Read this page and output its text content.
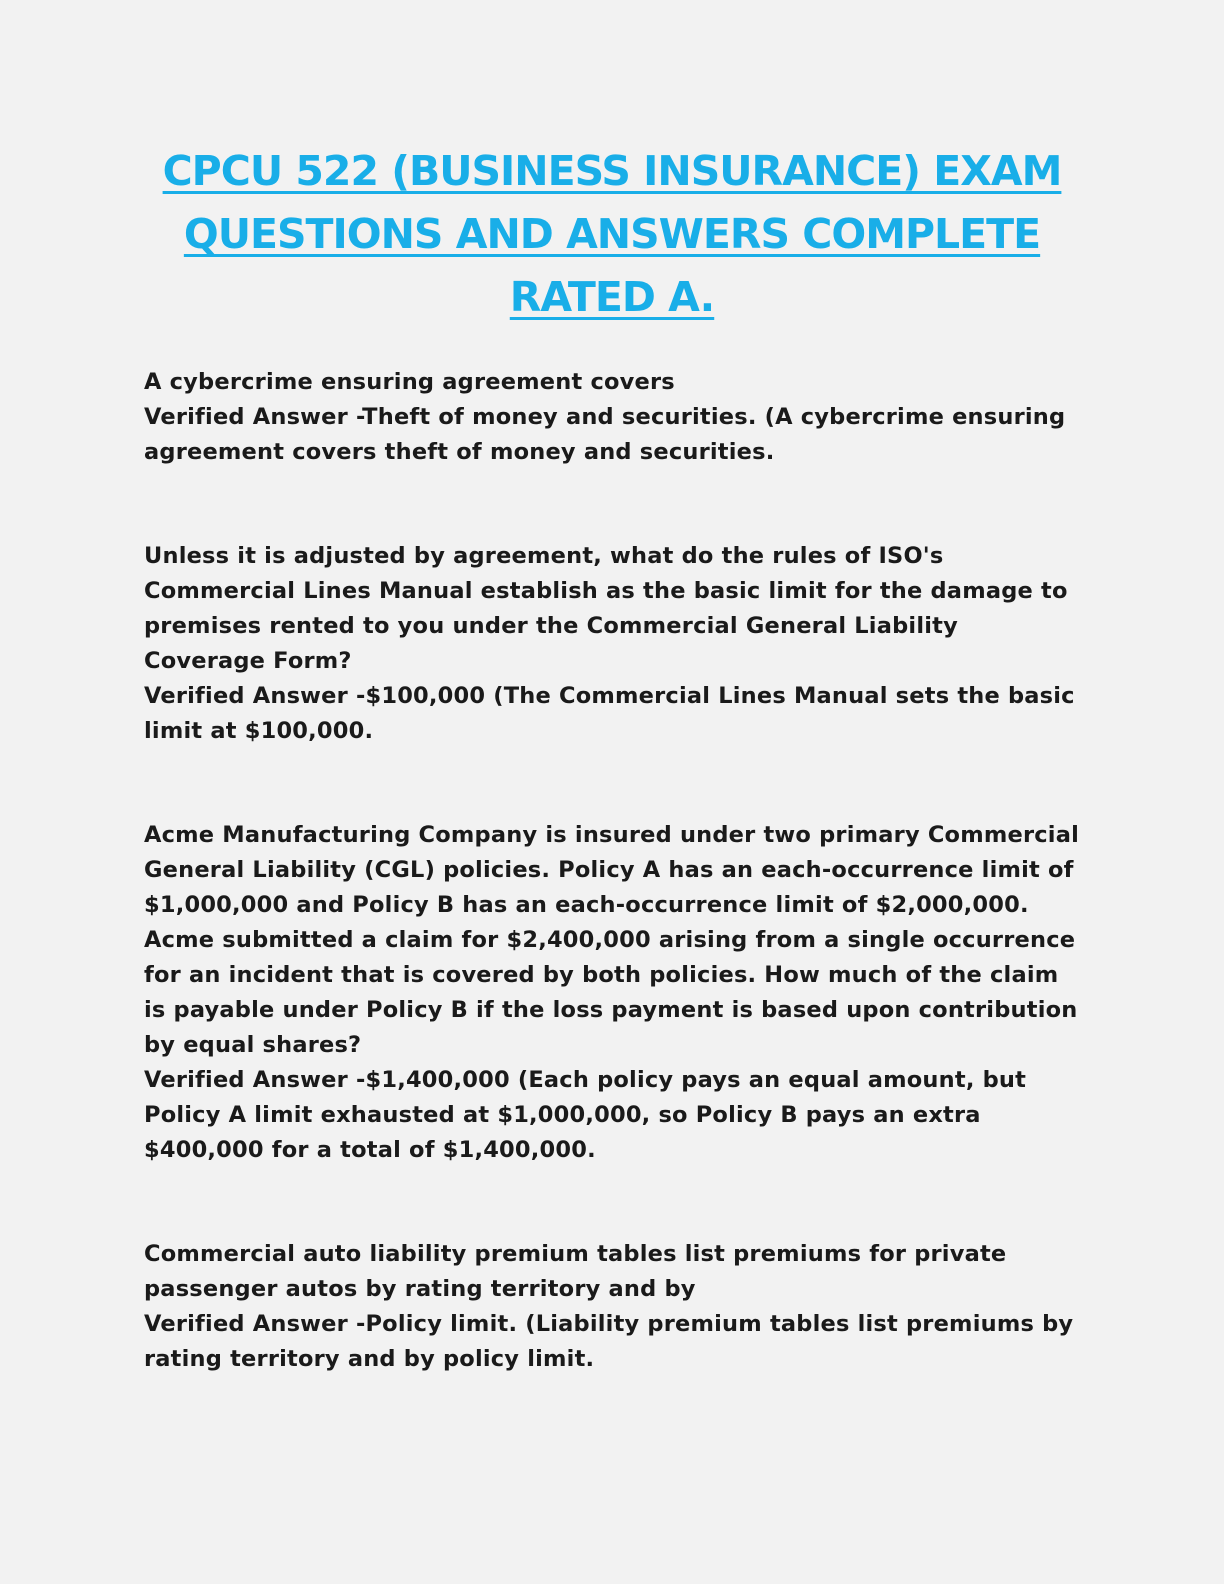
CPCU 522 (BUSINESS INSURANCE) EXAM QUESTIONS AND ANSWERS COMPLETE RATED A.

A cybercrime ensuring agreement covers

Verified Answer -Theft of money and securities. (A cybercrime ensuring agreement covers theft of money and securities.

Unless it is adjusted by agreement, what do the rules of ISO's Commercial Lines Manual establish as the basic limit for the damage to premises rented to you under the Commercial General Liability Coverage Form?

Verified Answer -$100,000 (The Commercial Lines Manual sets the basic limit at $100,000.

Acme Manufacturing Company is insured under two primary Commercial General Liability (CGL) policies. Policy A has an each-occurrence limit of $1,000,000 and Policy B has an each-occurrence limit of $2,000,000. Acme submitted a claim for $2,400,000 arising from a single occurrence for an incident that is covered by both policies. How much of the claim is payable under Policy B if the loss payment is based upon contribution by equal shares?

Verified Answer -$1,400,000 (Each policy pays an equal amount, but Policy A limit exhausted at $1,000,000, so Policy B pays an extra $400,000 for a total of $1,400,000.

Commercial auto liability premium tables list premiums for private passenger autos by rating territory and by

Verified Answer -Policy limit. (Liability premium tables list premiums by rating territory and by policy limit.
